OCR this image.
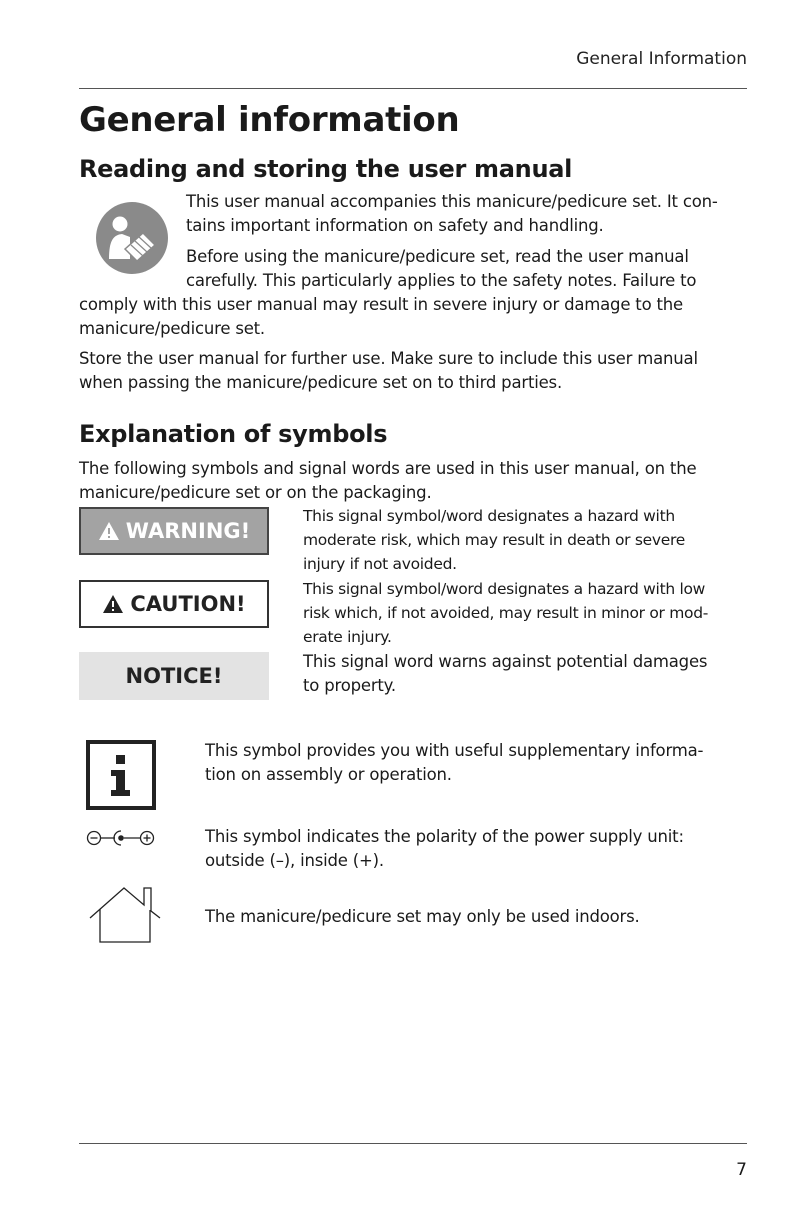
General Information
General information
Reading and storing the user manual

This user manual accompanies this manicure/pedicure set. It con-

tains important information on safety and handling.

Before using the manicure/pedicure set, read the user manual

carefully. This particularly applies to the safety notes. Failure to

comply with this user manual may result in severe injury or damage to the

manicure/pedicure set.

Store the user manual for further use. Make sure to include this user manual

when passing the manicure/pedicure set on to third parties.

Explanation of symbols

The following symbols and signal words are used in this user manual, on the

manicure/pedicure set or on the packaging.

WARNING!

This signal symbol/word designates a hazard with

moderate risk, which may result in death or severe

injury if not avoided.

CAUTION!

This signal symbol/word designates a hazard with low

risk which, if not avoided, may result in minor or mod-

erate injury.

NOTICE!

This signal word warns against potential damages

to property.

This symbol provides you with useful supplementary informa-

tion on assembly or operation.

This symbol indicates the polarity of the power supply unit:

outside (–), inside (+).

The manicure/pedicure set may only be used indoors.

7
